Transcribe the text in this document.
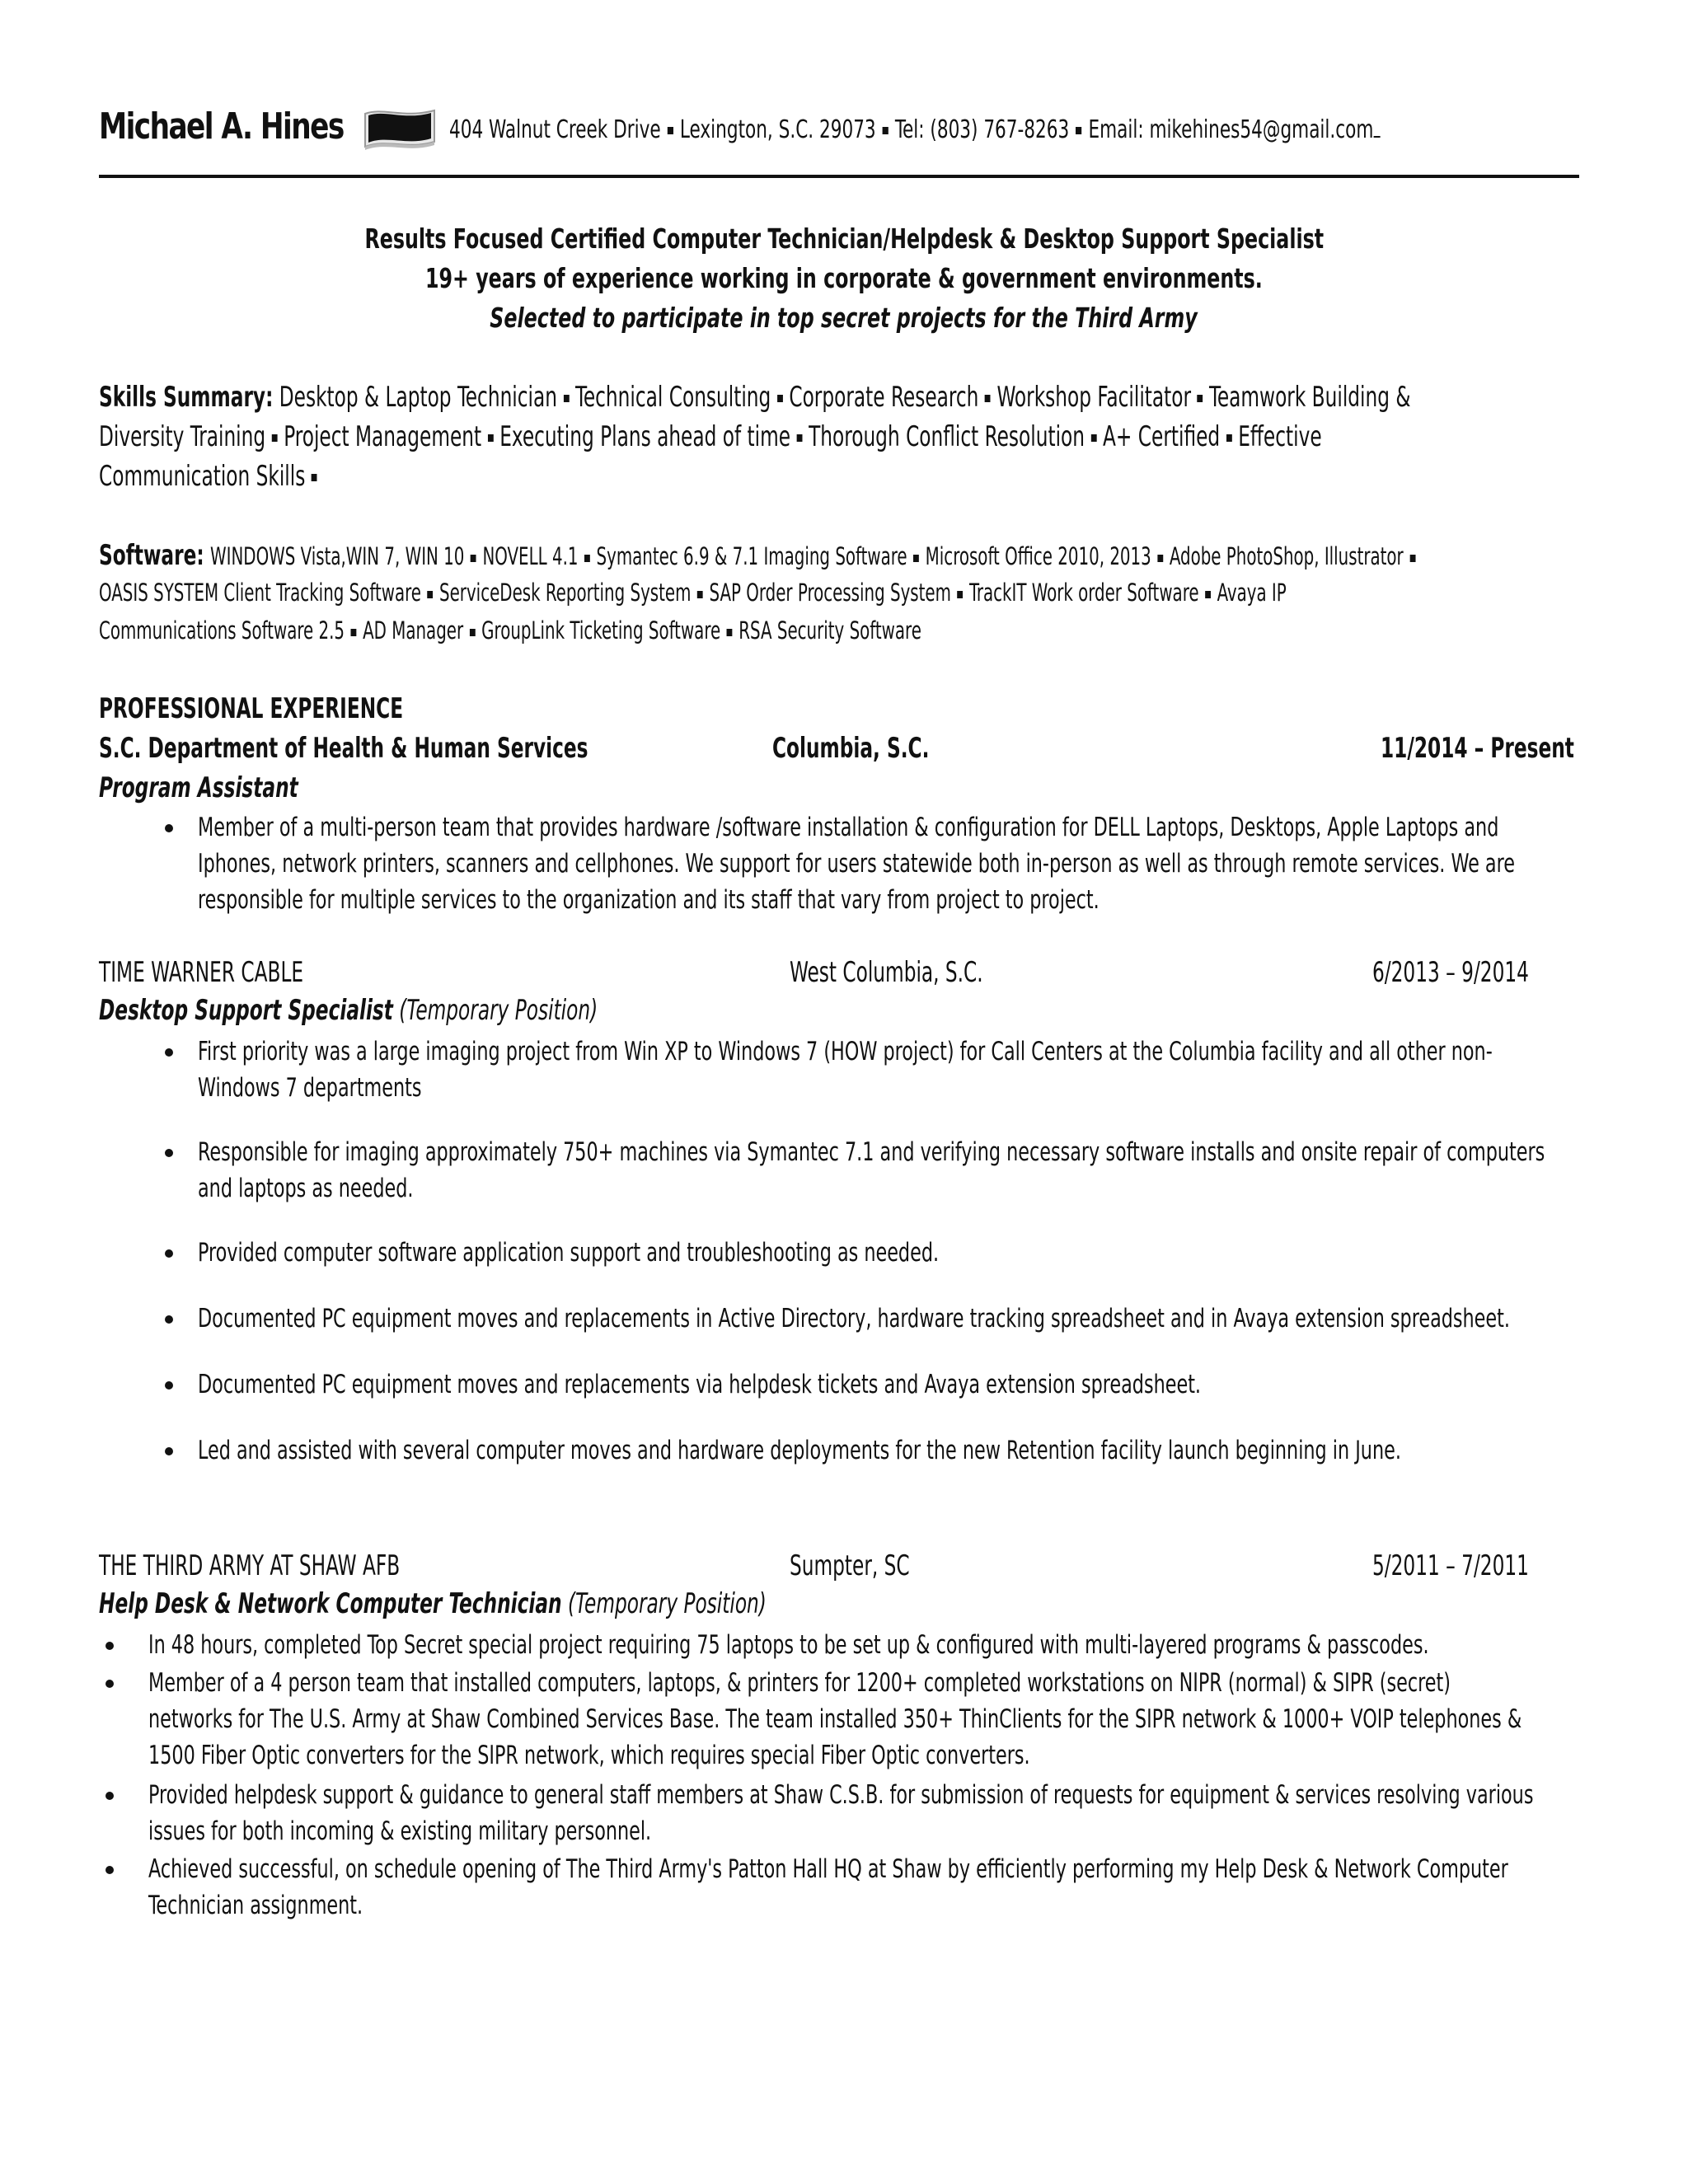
Michael A. Hines	404 Walnut Creek Drive Lexington, S.C. 29073 Tel: (803) 767-8263 Email: mikehines54@gmail.com
Results Focused Certified Computer Technician/Helpdesk & Desktop Support Specialist
19+ years of experience working in corporate & government environments.
Selected to participate in top secret projects for the Third Army
Skills Summary: Desktop & Laptop Technician Technical Consulting Corporate Research Workshop Facilitator Teamwork Building &
Diversity Training Project Management Executing Plans ahead of time Thorough Conflict Resolution A+ Certified Effective
Communication Skills
Software: WINDOWS Vista,WIN 7, WIN 10 NOVELL 4.1 Symantec 6.9 & 7.1 Imaging Software Microsoft Office 2010, 2013 Adobe PhotoShop, Illustrator
OASIS SYSTEM Client Tracking Software ServiceDesk Reporting System SAP Order Processing System TrackIT Work order Software Avaya IP
Communications Software 2.5 AD Manager GroupLink Ticketing Software RSA Security Software
PROFESSIONAL EXPERIENCE
S.C. Department of Health & Human Services	Columbia, S.C.	11/2014 – Present
Program Assistant
Member of a multi-person team that provides hardware /software installation & configuration for DELL Laptops, Desktops, Apple Laptops and
Iphones, network printers, scanners and cellphones. We support for users statewide both in-person as well as through remote services. We are
responsible for multiple services to the organization and its staff that vary from project to project.
TIME WARNER CABLE	West Columbia, S.C.	6/2013 – 9/2014
Desktop Support Specialist (Temporary Position)
First priority was a large imaging project from Win XP to Windows 7 (HOW project) for Call Centers at the Columbia facility and all other non-
Windows 7 departments
Responsible for imaging approximately 750+ machines via Symantec 7.1 and verifying necessary software installs and onsite repair of computers
and laptops as needed.
Provided computer software application support and troubleshooting as needed.
Documented PC equipment moves and replacements in Active Directory, hardware tracking spreadsheet and in Avaya extension spreadsheet.
Documented PC equipment moves and replacements via helpdesk tickets and Avaya extension spreadsheet.
Led and assisted with several computer moves and hardware deployments for the new Retention facility launch beginning in June.
THE THIRD ARMY AT SHAW AFB	Sumpter, SC	5/2011 – 7/2011
Help Desk & Network Computer Technician (Temporary Position)
In 48 hours, completed Top Secret special project requiring 75 laptops to be set up & configured with multi-layered programs & passcodes.
Member of a 4 person team that installed computers, laptops, & printers for 1200+ completed workstations on NIPR (normal) & SIPR (secret)
networks for The U.S. Army at Shaw Combined Services Base. The team installed 350+ ThinClients for the SIPR network & 1000+ VOIP telephones &
1500 Fiber Optic converters for the SIPR network, which requires special Fiber Optic converters.
Provided helpdesk support & guidance to general staff members at Shaw C.S.B. for submission of requests for equipment & services resolving various
issues for both incoming & existing military personnel.
Achieved successful, on schedule opening of The Third Army's Patton Hall HQ at Shaw by efficiently performing my Help Desk & Network Computer
Technician assignment.
